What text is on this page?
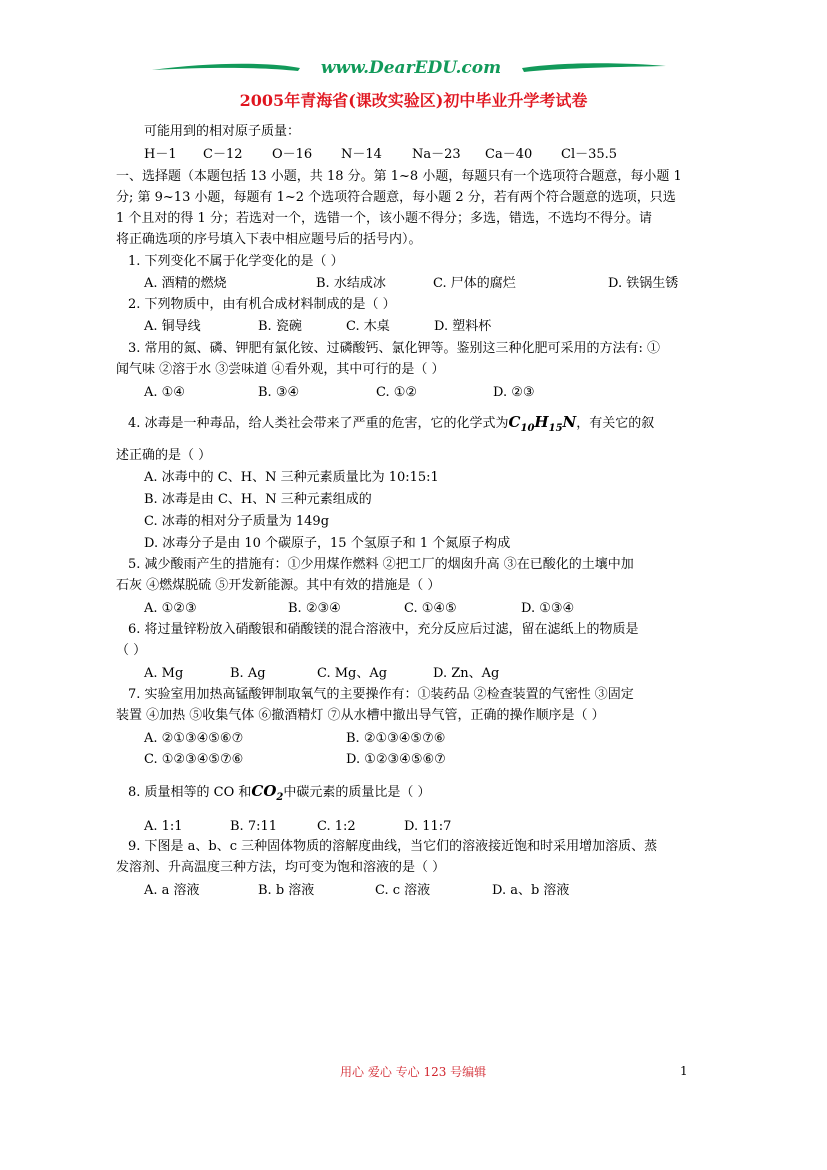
www.DearEDU.com
2005年青海省(课改实验区)初中毕业升学考试卷
可能用到的相对原子质量：
H－1 C－12 O－16 N－14 Na－23 Ca－40 Cl－35.5
一、选择题（本题包括 13 小题，共 18 分。第 1~8 小题，每题只有一个选项符合题意，每小题 1
分; 第 9~13 小题，每题有 1~2 个选项符合题意，每小题 2 分，若有两个符合题意的选项，只选
1 个且对的得 1 分；若选对一个，选错一个，该小题不得分；多选，错选，不选均不得分。请
将正确选项的序号填入下表中相应题号后的括号内）。
1. 下列变化不属于化学变化的是（ ）
A. 酒精的燃烧	B. 水结成冰	C. 尸体的腐烂	D. 铁锅生锈
2. 下列物质中，由有机合成材料制成的是（ ）
A. 铜导线	B. 瓷碗	C. 木桌	D. 塑料杯
3. 常用的氮、磷、钾肥有氯化铵、过磷酸钙、氯化钾等。鉴别这三种化肥可采用的方法有: ①
闻气味 ②溶于水 ③尝味道 ④看外观，其中可行的是（ ）
A. ①④	B. ③④	C. ①②	D. ②③
4. 冰毒是一种毒品，给人类社会带来了严重的危害，它的化学式为$C_{10}H_{15}N$，有关它的叙
述正确的是（ ）
A. 冰毒中的 C、H、N 三种元素质量比为 10:15:1
B. 冰毒是由 C、H、N 三种元素组成的
C. 冰毒的相对分子质量为 149g
D. 冰毒分子是由 10 个碳原子，15 个氢原子和 1 个氮原子构成
5. 减少酸雨产生的措施有：①少用煤作燃料 ②把工厂的烟囱升高 ③在已酸化的土壤中加
石灰 ④燃煤脱硫 ⑤开发新能源。其中有效的措施是（ ）
A. ①②③	B. ②③④	C. ①④⑤	D. ①③④
6. 将过量锌粉放入硝酸银和硝酸镁的混合溶液中，充分反应后过滤，留在滤纸上的物质是
（ ）
A. Mg	B. Ag	C. Mg、Ag	D. Zn、Ag
7. 实验室用加热高锰酸钾制取氧气的主要操作有：①装药品 ②检查装置的气密性 ③固定
装置 ④加热 ⑤收集气体 ⑥撤酒精灯 ⑦从水槽中撤出导气管，正确的操作顺序是（ ）
A. ②①③④⑤⑥⑦	B. ②①③④⑤⑦⑥
C. ①②③④⑤⑦⑥	D. ①②③④⑤⑥⑦
8. 质量相等的 CO 和$CO_2$中碳元素的质量比是（ ）
A. 1:1	B. 7:11	C. 1:2	D. 11:7
9. 下图是 a、b、c 三种固体物质的溶解度曲线，当它们的溶液接近饱和时采用增加溶质、蒸
发溶剂、升高温度三种方法，均可变为饱和溶液的是（ ）
A. a 溶液	B. b 溶液	C. c 溶液	D. a、b 溶液
用心 爱心 专心 123 号编辑	1
